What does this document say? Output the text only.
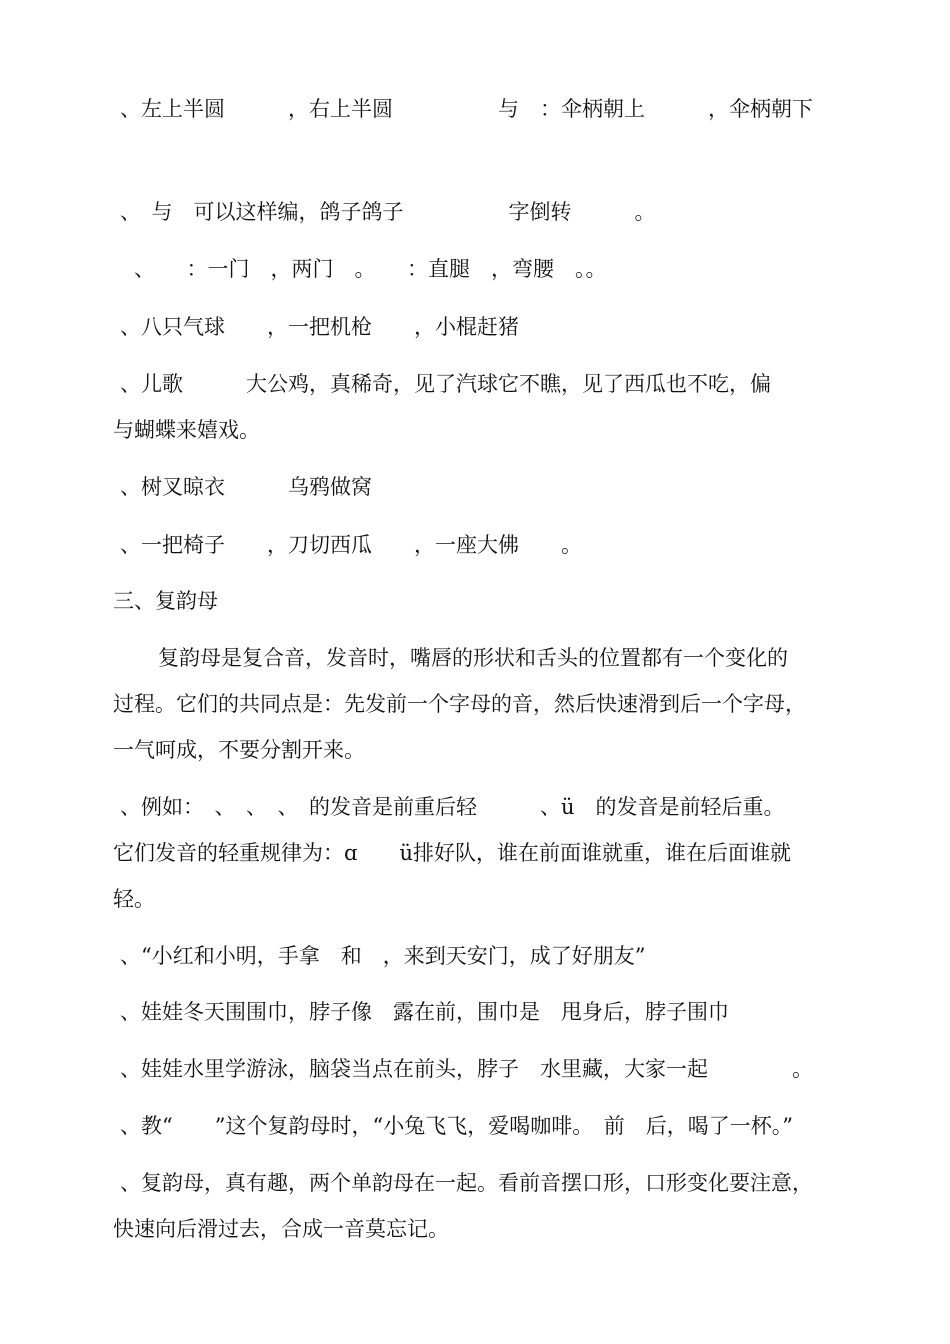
、左上半圆　　　，右上半圆　　　　　与　：伞柄朝上　　　，伞柄朝下

、　与　可以这样编，鸽子鸽子　　　　　字倒转　　　。

、　　：一门　，两门　。　　：直腿　，弯腰　。。

、八只气球　　，一把机枪　　，小棍赶猪

、儿歌　　　大公鸡，真稀奇，见了汽球它不瞧，见了西瓜也不吃，偏

与蝴蝶来嬉戏。

、树叉晾衣　　　乌鸦做窝

、一把椅子　　，刀切西瓜　　，一座大佛　　。

三、复韵母

复韵母是复合音，发音时，嘴唇的形状和舌头的位置都有一个变化的

过程。它们的共同点是：先发前一个字母的音，然后快速滑到后一个字母，

一气呵成，不要分割开来。

、例如：　、　、　、　的发音是前重后轻　　　、ü　的发音是前轻后重。

它们发音的轻重规律为：ɑ　　ü排好队，谁在前面谁就重，谁在后面谁就

轻。

、“小红和小明，手拿　和　，来到天安门，成了好朋友”

、娃娃冬天围围巾，脖子像　露在前，围巾是　甩身后，脖子围巾

、娃娃水里学游泳，脑袋当点在前头，脖子　水里藏，大家一起　　　　。

、教“　　”这个复韵母时，“小兔飞飞，爱喝咖啡。　前　后，喝了一杯。”

、复韵母，真有趣，两个单韵母在一起。看前音摆口形，口形变化要注意，

快速向后滑过去，合成一音莫忘记。
